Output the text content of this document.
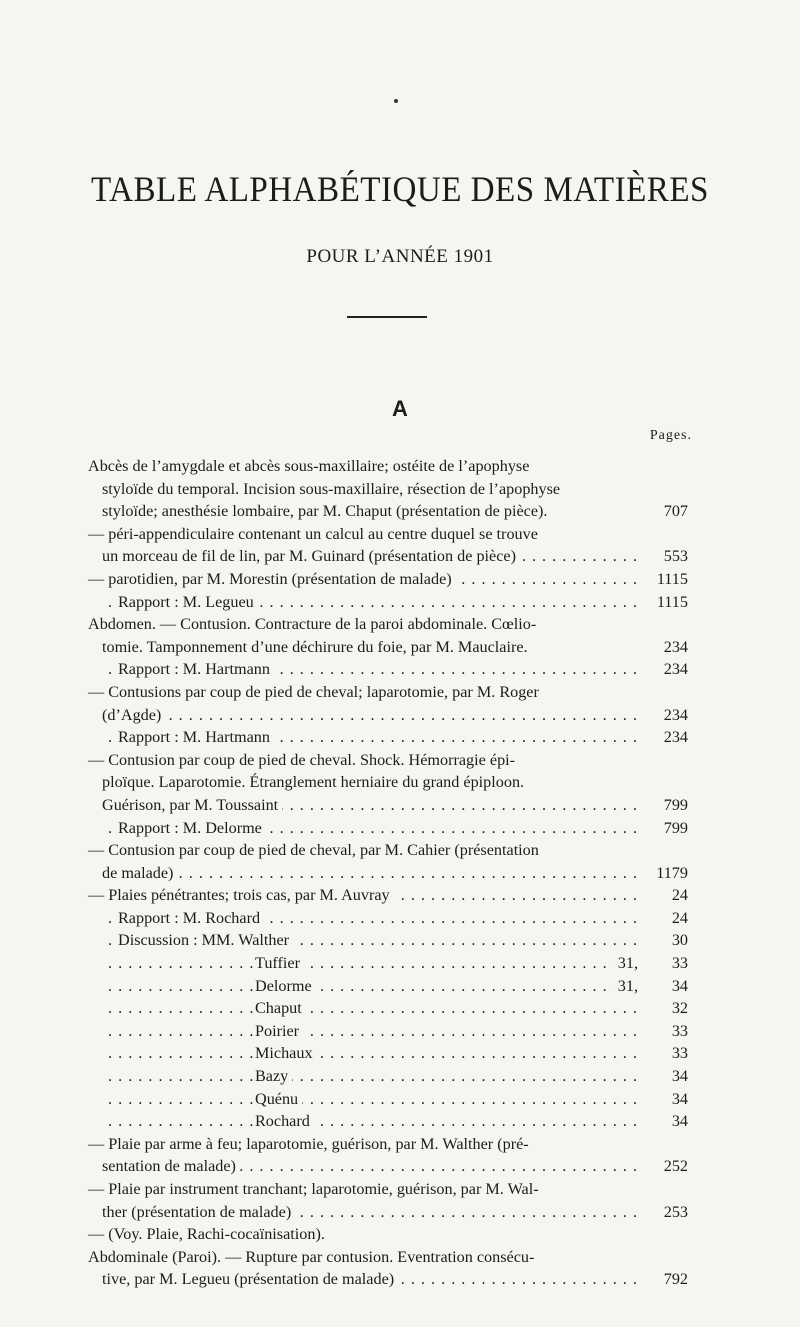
TABLE ALPHABÉTIQUE DES MATIÈRES
POUR L’ANNÉE 1901
A
Pages.
Abcès de l’amygdale et abcès sous-maxillaire; ostéite de l’apophyse
styloïde du temporal. Incision sous-maxillaire, résection de l’apophyse
styloïde; anesthésie lombaire, par M. Chaput (présentation de pièce).	707
— péri-appendiculaire contenant un calcul au centre duquel se trouve
. . . un morceau de fil de lin, par M. Guinard (présentation de pièce)	553
. . . — parotidien, par M. Morestin (présentation de malade)	1115
. . . Rapport : M. Legueu	1115
Abdomen. — Contusion. Contracture de la paroi abdominale. Cœlio-
tomie. Tamponnement d’une déchirure du foie, par M. Mauclaire.	234
. . . Rapport : M. Hartmann	234
— Contusions par coup de pied de cheval; laparotomie, par M. Roger
. . . (d’Agde)	234
. . . Rapport : M. Hartmann	234
— Contusion par coup de pied de cheval. Shock. Hémorragie épi-
ploïque. Laparotomie. Étranglement herniaire du grand épiploon.
. . . Guérison, par M. Toussaint	799
. . . Rapport : M. Delorme	799
— Contusion par coup de pied de cheval, par M. Cahier (présentation
. . . de malade)	1179
. . . — Plaies pénétrantes; trois cas, par M. Auvray	24
. . . Rapport : M. Rochard	24
. . . Discussion : MM. Walther	30
. . . Tuffier	31,	33
. . . Delorme	31,	34
. . . Chaput	32
. . . Poirier	33
. . . Michaux	33
. . . Bazy	34
. . . Quénu	34
. . . Rochard	34
— Plaie par arme à feu; laparotomie, guérison, par M. Walther (pré-
. . . sentation de malade)	252
— Plaie par instrument tranchant; laparotomie, guérison, par M. Wal-
. . . ther (présentation de malade)	253
— (Voy. Plaie, Rachi-cocaïnisation).
Abdominale (Paroi). — Rupture par contusion. Eventration consécu-
. . . tive, par M. Legueu (présentation de malade)	792
